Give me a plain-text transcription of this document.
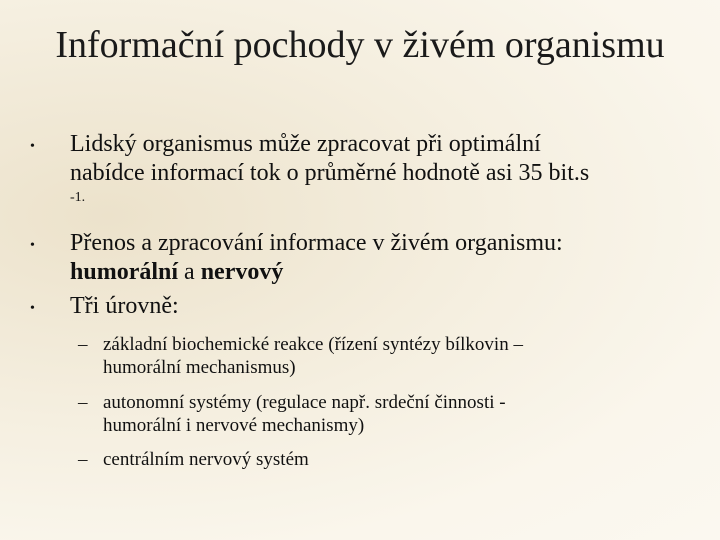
Informační pochody v živém organismu
• Lidský organismus může zpracovat při optimální
nabídce informací tok o průměrné hodnotě asi 35 bit.s
-1.
• Přenos a zpracování informace v živém organismu:
humorální a nervový
• Tři úrovně:
– základní biochemické reakce (řízení syntézy bílkovin –
humorální mechanismus)
– autonomní systémy (regulace např. srdeční činnosti -
humorální i nervové mechanismy)
– centrálním nervový systém
